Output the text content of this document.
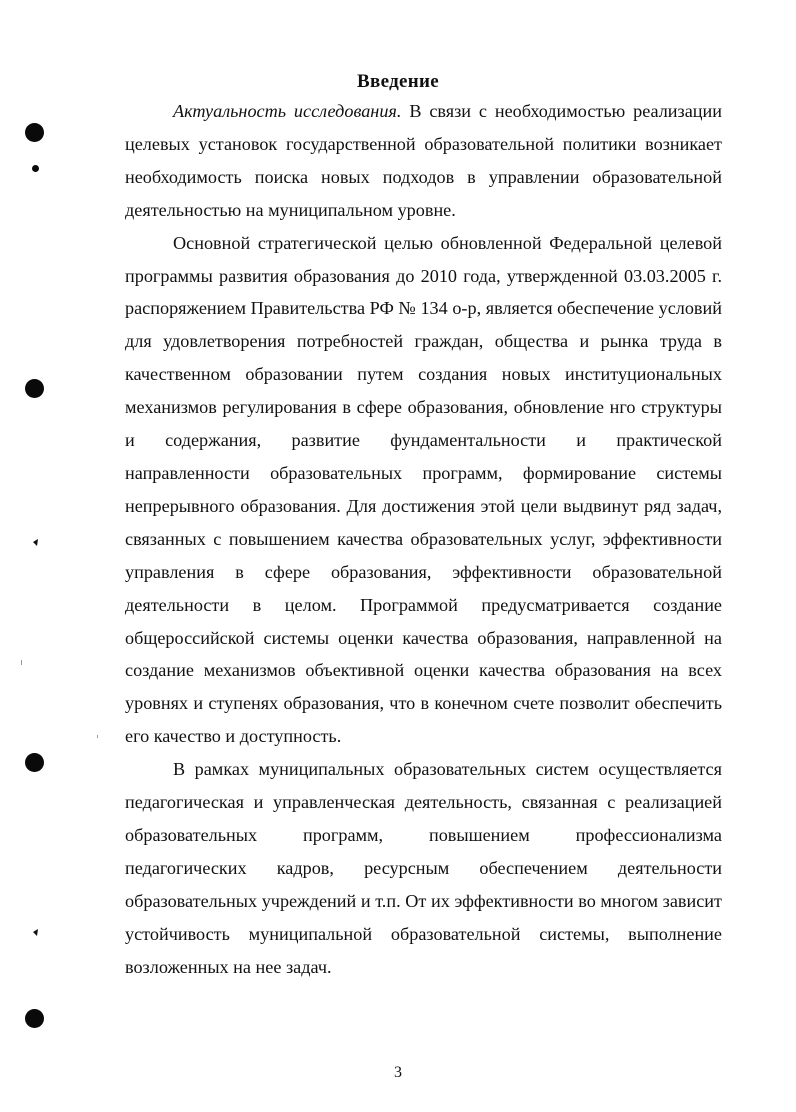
Введение

Актуальность исследования. В связи с необходимостью реализации целевых установок государственной образовательной политики возникает необходимость поиска новых подходов в управлении образовательной деятельностью на муниципальном уровне.

Основной стратегической целью обновленной Федеральной целевой программы развития образования до 2010 года, утвержденной 03.03.2005 г. распоряжением Правительства РФ № 134 о-р, является обеспечение условий для удовлетворения потребностей граждан, общества и рынка труда в качественном образовании путем создания новых институциональных механизмов регулирования в сфере образования, обновление нго структуры и содержания, развитие фундаментальности и практической направленности образовательных программ, формирование системы непрерывного образования. Для достижения этой цели выдвинут ряд задач, связанных с повышением качества образовательных услуг, эффективности управления в сфере образования, эффективности образовательной деятельности в целом. Программой предусматривается создание общероссийской системы оценки качества образования, направленной на создание механизмов объективной оценки качества образования на всех уровнях и ступенях образования, что в конечном счете позволит обеспечить его качество и доступность.

В рамках муниципальных образовательных систем осуществляется педагогическая и управленческая деятельность, связанная с реализацией образовательных программ, повышением профессионализма педагогических кадров, ресурсным обеспечением деятельности образовательных учреждений и т.п. От их эффективности во многом зависит устойчивость муниципальной образовательной системы, выполнение возложенных на нее задач.

3
